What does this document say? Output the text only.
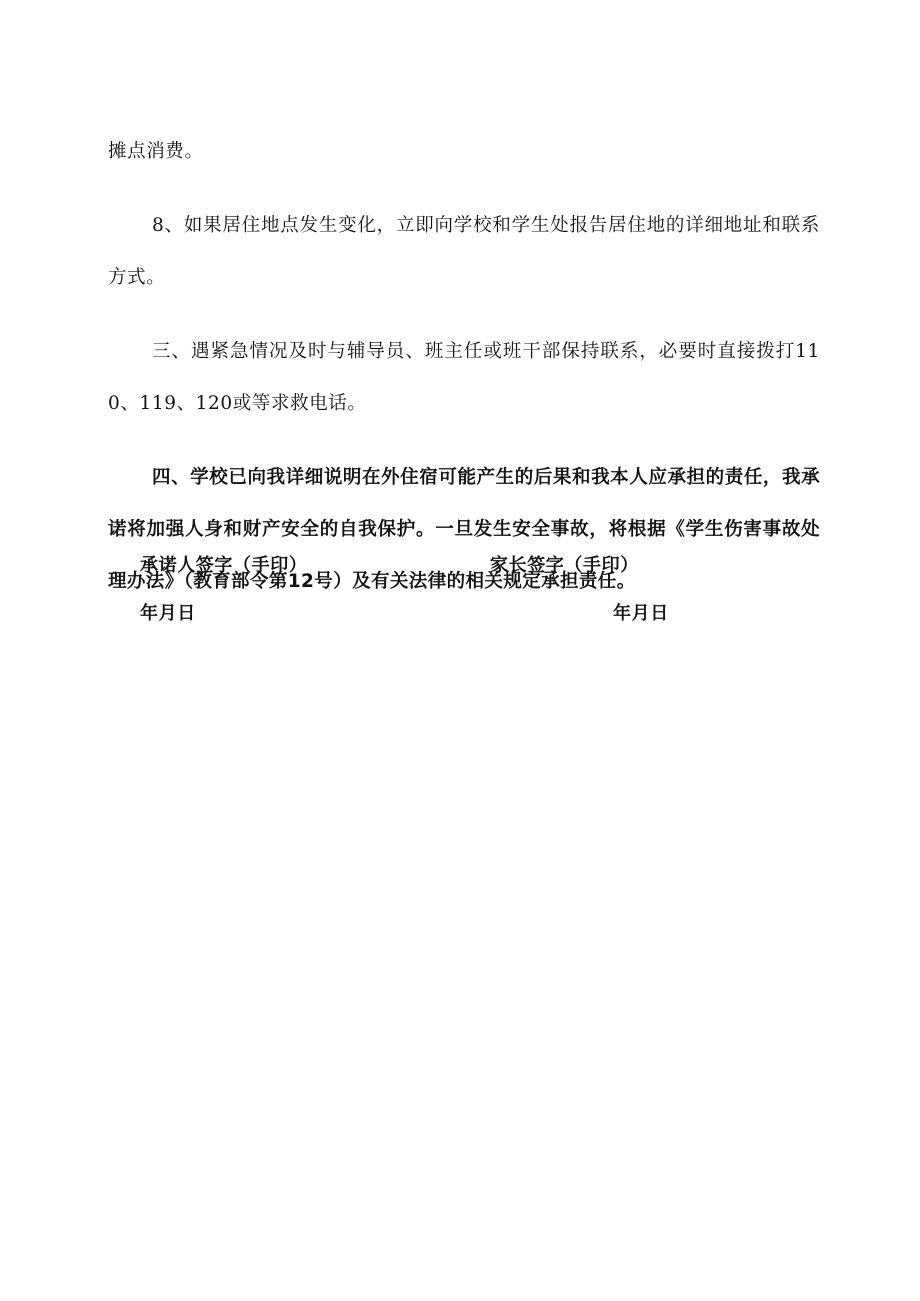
摊点消费。

8、如果居住地点发生变化，立即向学校和学生处报告居住地的详细地址和联系方式。

三、遇紧急情况及时与辅导员、班主任或班干部保持联系，必要时直接拨打110、119、120或等求救电话。

四、学校已向我详细说明在外住宿可能产生的后果和我本人应承担的责任，我承诺将加强人身和财产安全的自我保护。一旦发生安全事故，将根据《学生伤害事故处理办法》（教育部令第12号）及有关法律的相关规定承担责任。

承诺人签字（手印）	家长签字（手印）
年月日	年月日
